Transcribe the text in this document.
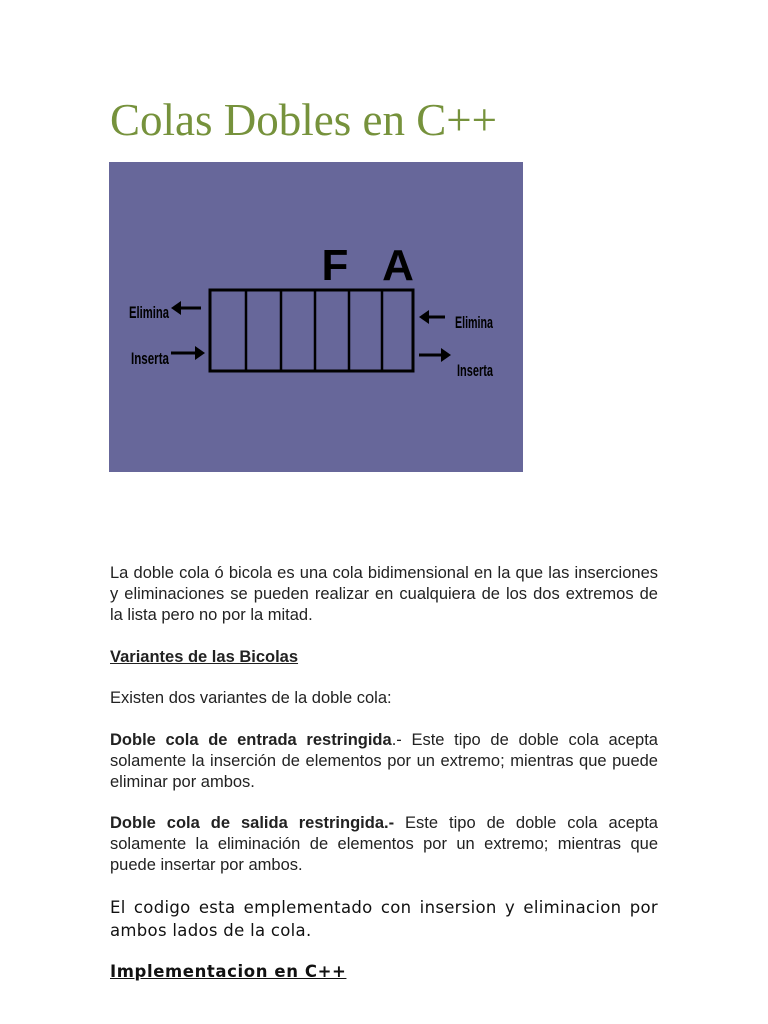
Colas Dobles en C++
F A
Elimina
Inserta
Elimina
Inserta

La doble cola ó bicola es una cola bidimensional en la que las inserciones y eliminaciones se pueden realizar en cualquiera de los dos extremos de la lista pero no por la mitad.

Variantes de las Bicolas

Existen dos variantes de la doble cola:

Doble cola de entrada restringida.- Este tipo de doble cola acepta solamente la inserción de elementos por un extremo; mientras que puede eliminar por ambos.

Doble cola de salida restringida.- Este tipo de doble cola acepta solamente la eliminación de elementos por un extremo; mientras que puede insertar por ambos.

El codigo esta emplementado con insersion y eliminacion por ambos lados de la cola.

Implementacion en C++
